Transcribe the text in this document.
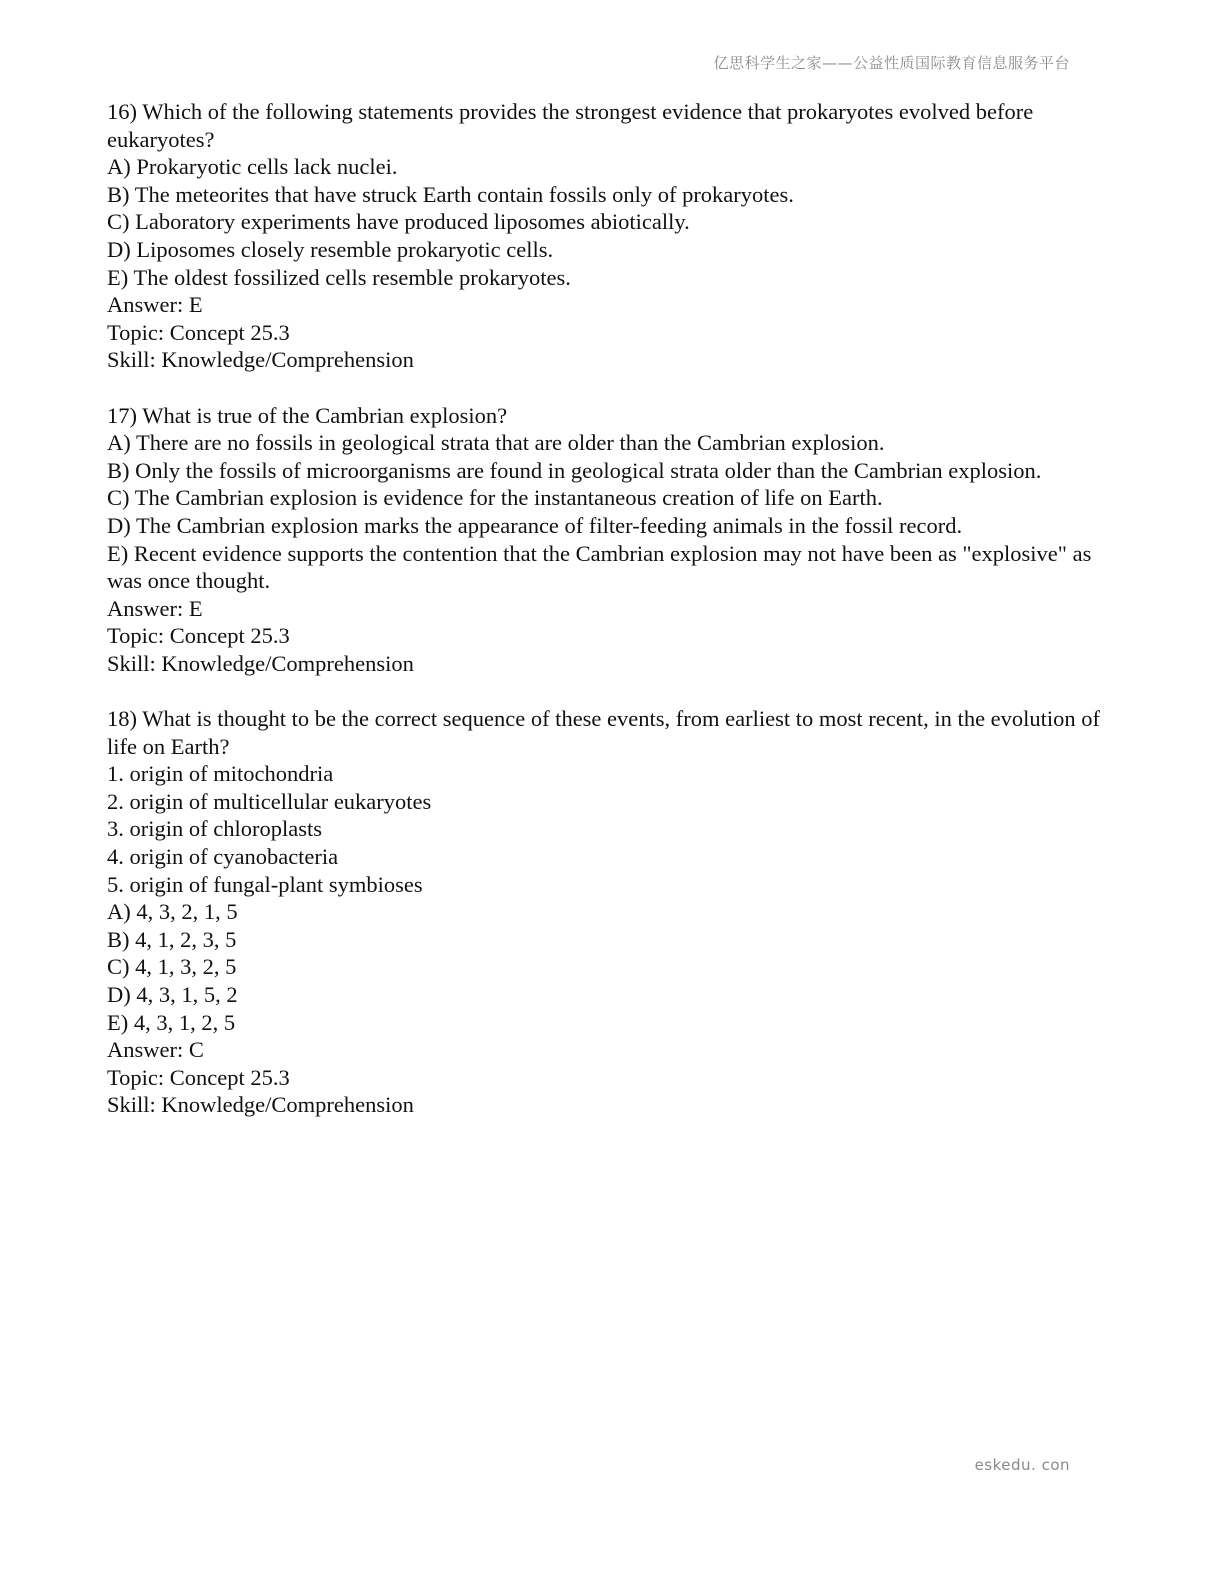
亿思科学生之家——公益性质国际教育信息服务平台
16) Which of the following statements provides the strongest evidence that prokaryotes evolved before eukaryotes?
A) Prokaryotic cells lack nuclei.
B) The meteorites that have struck Earth contain fossils only of prokaryotes.
C) Laboratory experiments have produced liposomes abiotically.
D) Liposomes closely resemble prokaryotic cells.
E) The oldest fossilized cells resemble prokaryotes.
Answer: E
Topic: Concept 25.3
Skill: Knowledge/Comprehension
17) What is true of the Cambrian explosion?
A) There are no fossils in geological strata that are older than the Cambrian explosion.
B) Only the fossils of microorganisms are found in geological strata older than the Cambrian explosion.
C) The Cambrian explosion is evidence for the instantaneous creation of life on Earth.
D) The Cambrian explosion marks the appearance of filter-feeding animals in the fossil record.
E) Recent evidence supports the contention that the Cambrian explosion may not have been as "explosive" as was once thought.
Answer: E
Topic: Concept 25.3
Skill: Knowledge/Comprehension
18) What is thought to be the correct sequence of these events, from earliest to most recent, in the evolution of life on Earth?
1. origin of mitochondria
2. origin of multicellular eukaryotes
3. origin of chloroplasts
4. origin of cyanobacteria
5. origin of fungal-plant symbioses
A) 4, 3, 2, 1, 5
B) 4, 1, 2, 3, 5
C) 4, 1, 3, 2, 5
D) 4, 3, 1, 5, 2
E) 4, 3, 1, 2, 5
Answer: C
Topic: Concept 25.3
Skill: Knowledge/Comprehension
eskedu. con
